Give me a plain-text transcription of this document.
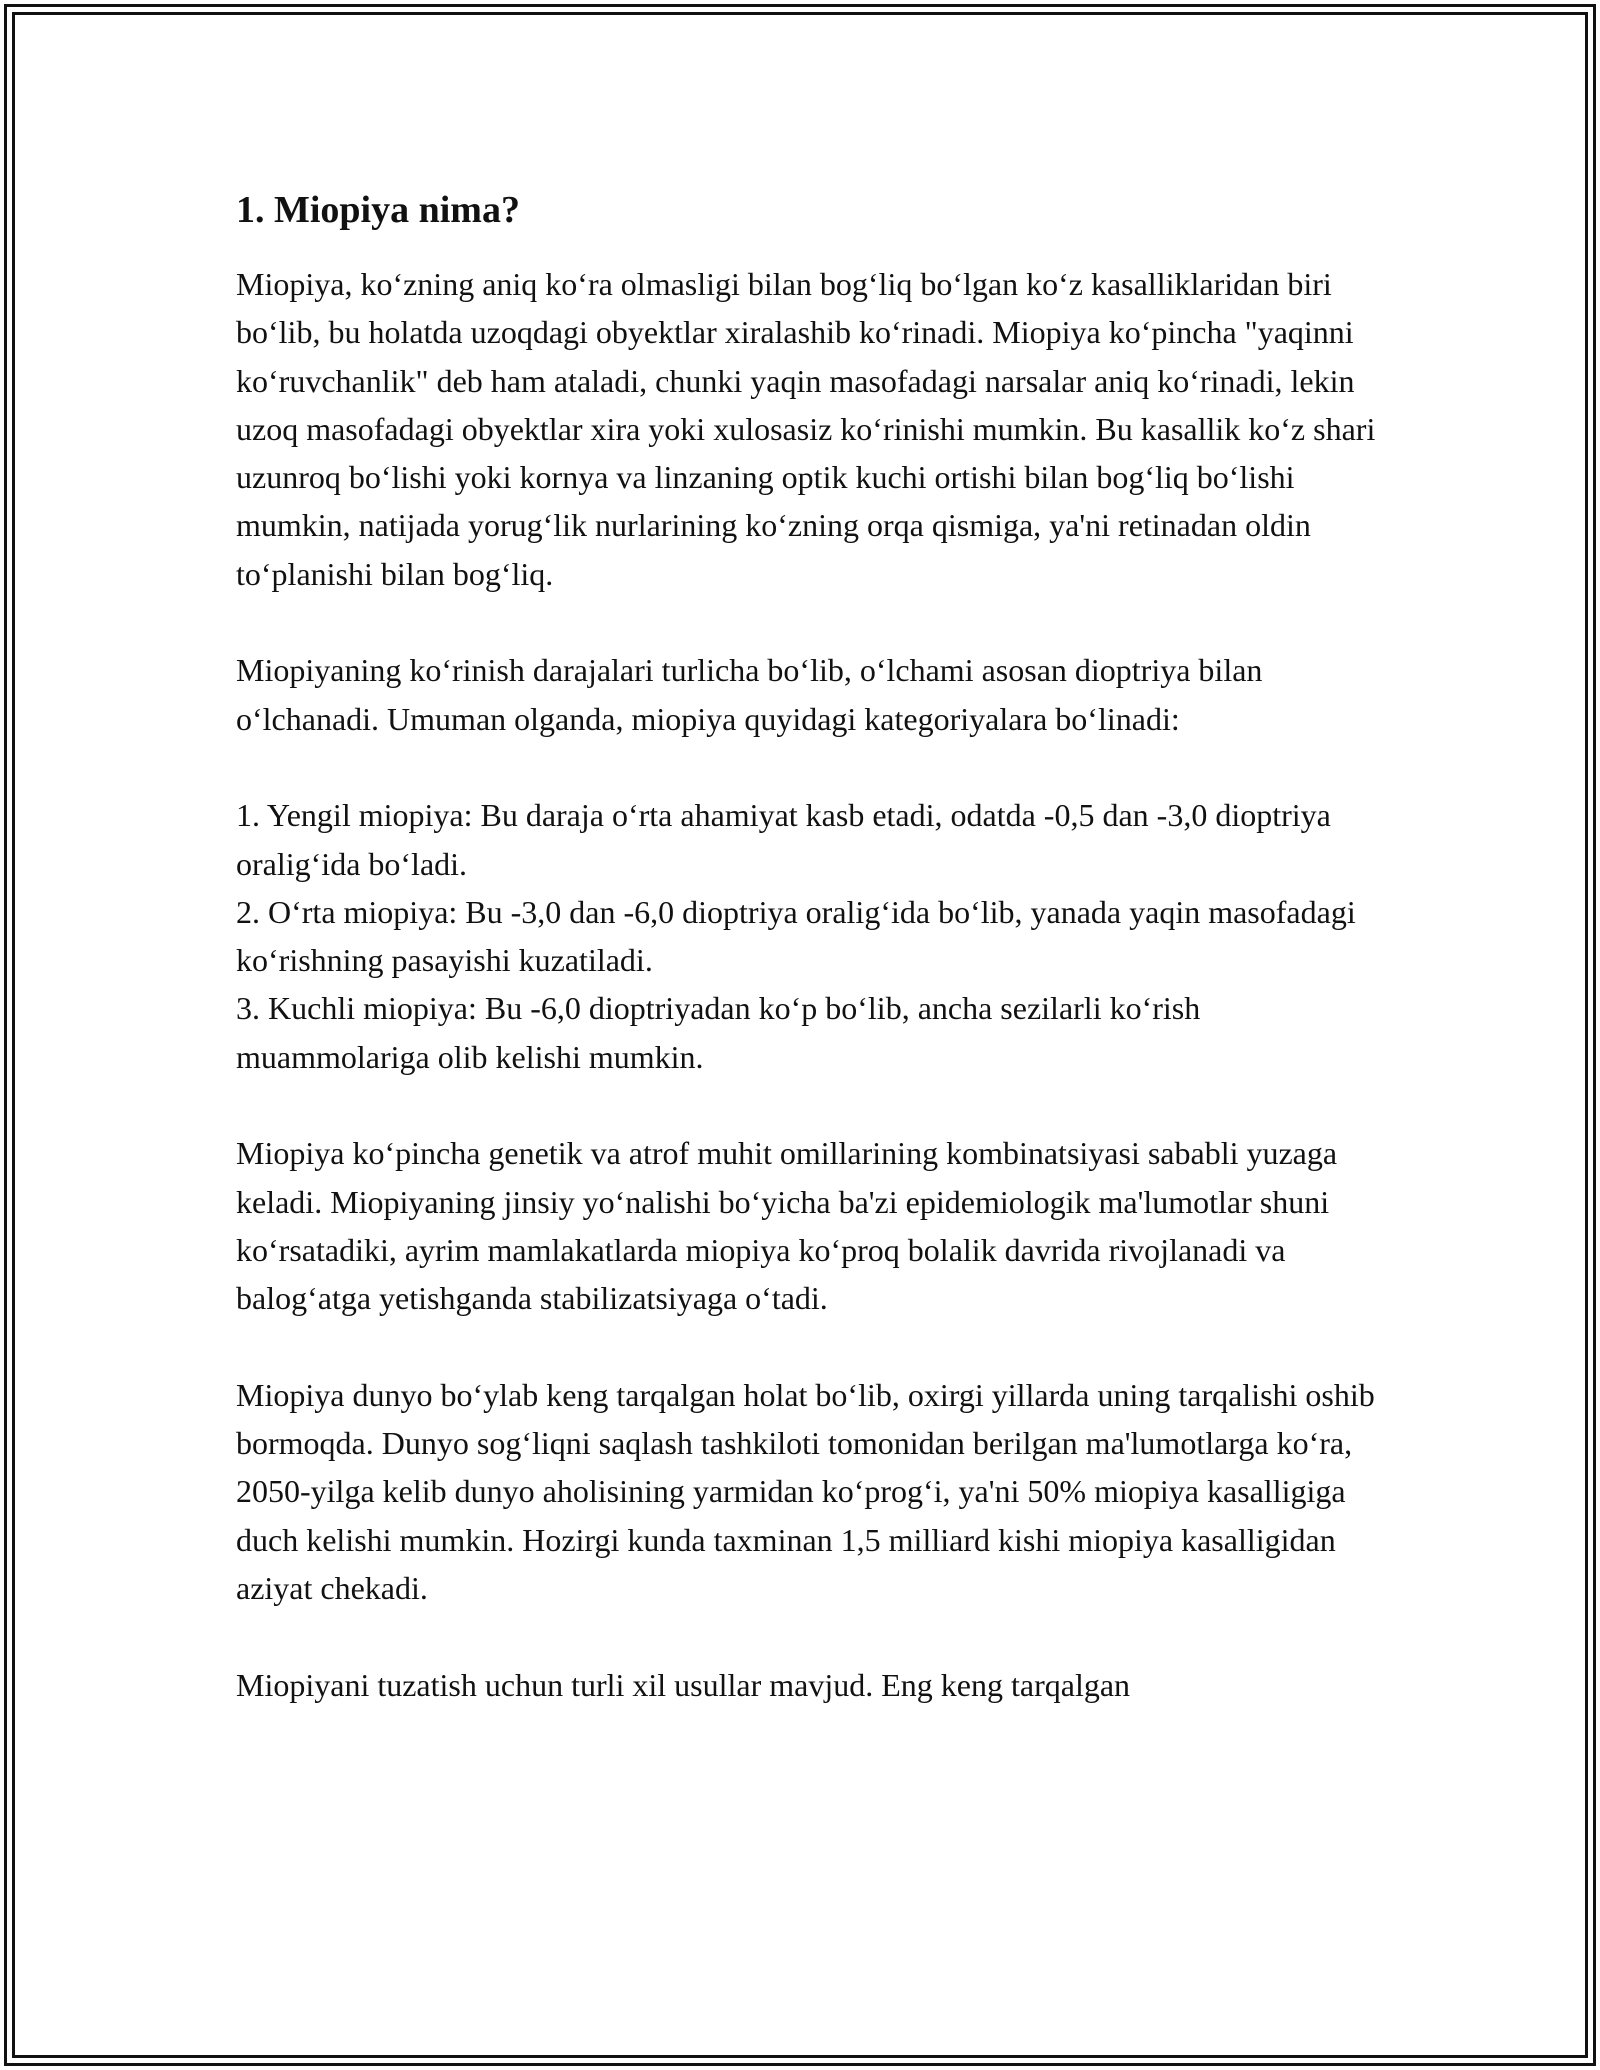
1. Miopiya nima?

Miopiya, ko‘zning aniq ko‘ra olmasligi bilan bog‘liq bo‘lgan ko‘z kasalliklaridan biri bo‘lib, bu holatda uzoqdagi obyektlar xiralashib ko‘rinadi. Miopiya ko‘pincha "yaqinni ko‘ruvchanlik" deb ham ataladi, chunki yaqin masofadagi narsalar aniq ko‘rinadi, lekin uzoq masofadagi obyektlar xira yoki xulosasiz ko‘rinishi mumkin. Bu kasallik ko‘z shari uzunroq bo‘lishi yoki kornya va linzaning optik kuchi ortishi bilan bog‘liq bo‘lishi mumkin, natijada yorug‘lik nurlarining ko‘zning orqa qismiga, ya'ni retinadan oldin to‘planishi bilan bog‘liq.

Miopiyaning ko‘rinish darajalari turlicha bo‘lib, o‘lchami asosan dioptriya bilan o‘lchanadi. Umuman olganda, miopiya quyidagi kategoriyalara bo‘linadi:

1. Yengil miopiya: Bu daraja o‘rta ahamiyat kasb etadi, odatda -0,5 dan -3,0 dioptriya oralig‘ida bo‘ladi.
2. O‘rta miopiya: Bu -3,0 dan -6,0 dioptriya oralig‘ida bo‘lib, yanada yaqin masofadagi ko‘rishning pasayishi kuzatiladi.
3. Kuchli miopiya: Bu -6,0 dioptriyadan ko‘p bo‘lib, ancha sezilarli ko‘rish muammolariga olib kelishi mumkin.

Miopiya ko‘pincha genetik va atrof muhit omillarining kombinatsiyasi sababli yuzaga keladi. Miopiyaning jinsiy yo‘nalishi bo‘yicha ba'zi epidemiologik ma'lumotlar shuni ko‘rsatadiki, ayrim mamlakatlarda miopiya ko‘proq bolalik davrida rivojlanadi va balog‘atga yetishganda stabilizatsiyaga o‘tadi.

Miopiya dunyo bo‘ylab keng tarqalgan holat bo‘lib, oxirgi yillarda uning tarqalishi oshib bormoqda. Dunyo sog‘liqni saqlash tashkiloti tomonidan berilgan ma'lumotlarga ko‘ra, 2050-yilga kelib dunyo aholisining yarmidan ko‘prog‘i, ya'ni 50% miopiya kasalligiga duch kelishi mumkin. Hozirgi kunda taxminan 1,5 milliard kishi miopiya kasalligidan aziyat chekadi.

Miopiyani tuzatish uchun turli xil usullar mavjud. Eng keng tarqalgan
